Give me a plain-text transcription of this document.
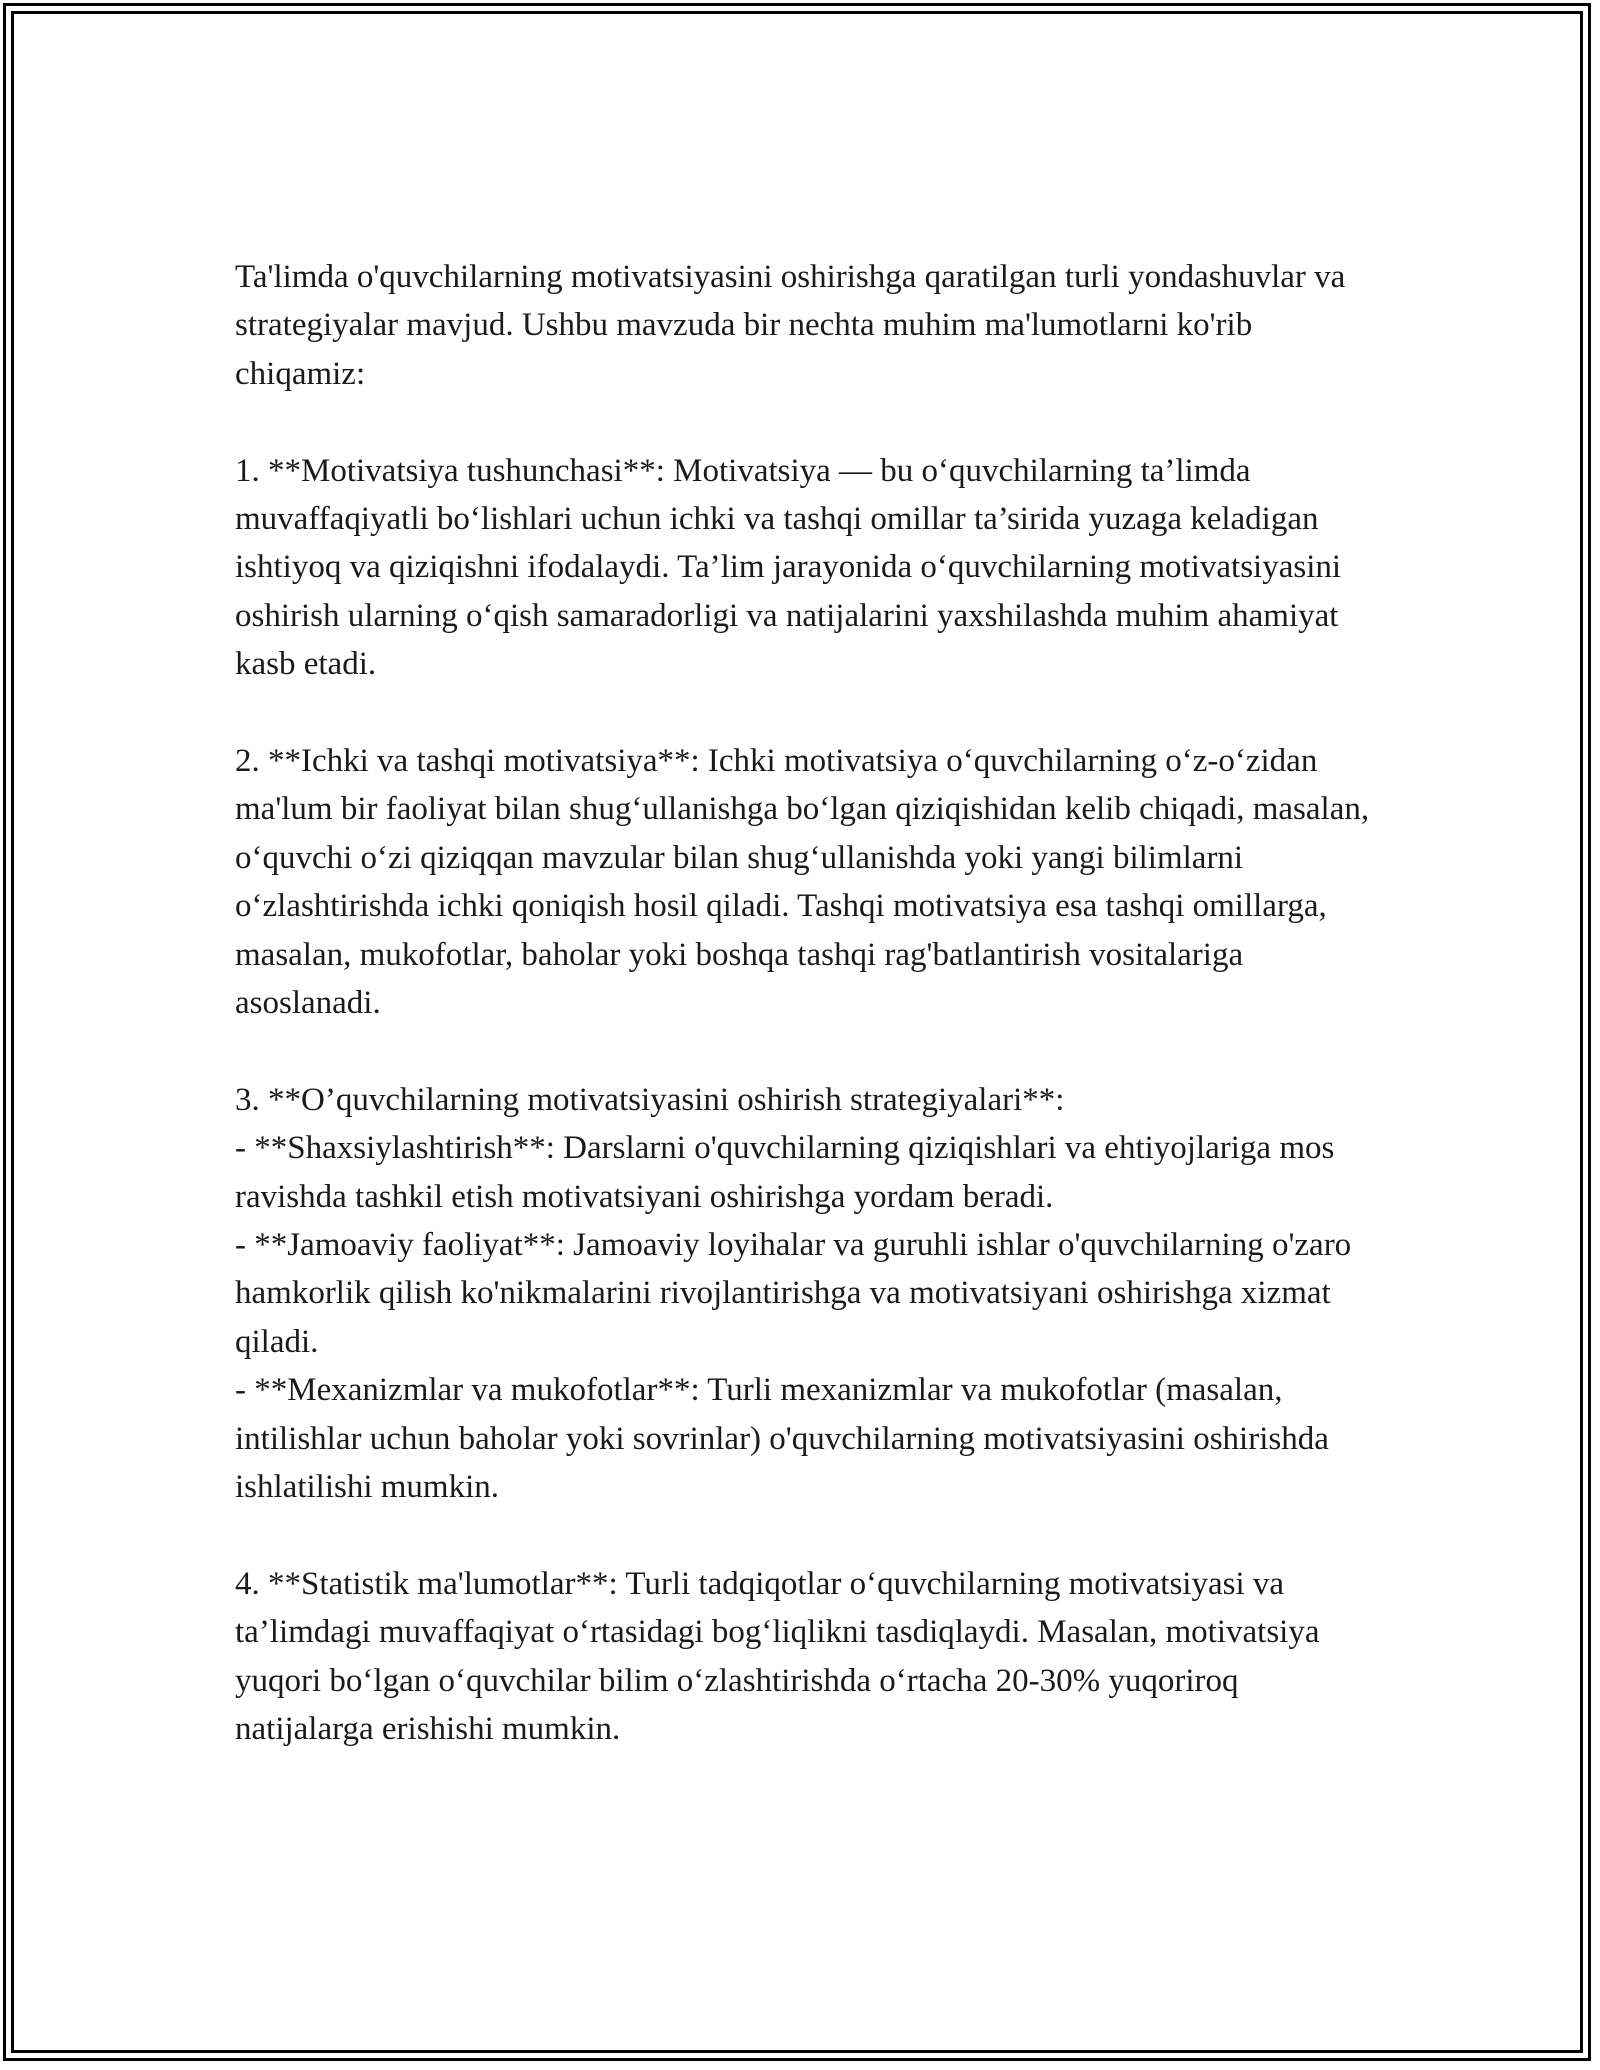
Ta'limda o'quvchilarning motivatsiyasini oshirishga qaratilgan turli yondashuvlar va strategiyalar mavjud. Ushbu mavzuda bir nechta muhim ma'lumotlarni ko'rib chiqamiz:

1. **Motivatsiya tushunchasi**: Motivatsiya — bu o‘quvchilarning ta’limda muvaffaqiyatli bo‘lishlari uchun ichki va tashqi omillar ta’sirida yuzaga keladigan ishtiyoq va qiziqishni ifodalaydi. Ta’lim jarayonida o‘quvchilarning motivatsiyasini oshirish ularning o‘qish samaradorligi va natijalarini yaxshilashda muhim ahamiyat kasb etadi.

2. **Ichki va tashqi motivatsiya**: Ichki motivatsiya o‘quvchilarning o‘z-o‘zidan ma'lum bir faoliyat bilan shug‘ullanishga bo‘lgan qiziqishidan kelib chiqadi, masalan, o‘quvchi o‘zi qiziqqan mavzular bilan shug‘ullanishda yoki yangi bilimlarni o‘zlashtirishda ichki qoniqish hosil qiladi. Tashqi motivatsiya esa tashqi omillarga, masalan, mukofotlar, baholar yoki boshqa tashqi rag'batlantirish vositalariga asoslanadi.

3. **O’quvchilarning motivatsiyasini oshirish strategiyalari**:
- **Shaxsiylashtirish**: Darslarni o'quvchilarning qiziqishlari va ehtiyojlariga mos ravishda tashkil etish motivatsiyani oshirishga yordam beradi.
- **Jamoaviy faoliyat**: Jamoaviy loyihalar va guruhli ishlar o'quvchilarning o'zaro hamkorlik qilish ko'nikmalarini rivojlantirishga va motivatsiyani oshirishga xizmat qiladi.
- **Mexanizmlar va mukofotlar**: Turli mexanizmlar va mukofotlar (masalan, intilishlar uchun baholar yoki sovrinlar) o'quvchilarning motivatsiyasini oshirishda ishlatilishi mumkin.

4. **Statistik ma'lumotlar**: Turli tadqiqotlar o‘quvchilarning motivatsiyasi va ta’limdagi muvaffaqiyat o‘rtasidagi bog‘liqlikni tasdiqlaydi. Masalan, motivatsiya yuqori bo‘lgan o‘quvchilar bilim o‘zlashtirishda o‘rtacha 20-30% yuqoriroq natijalarga erishishi mumkin.
